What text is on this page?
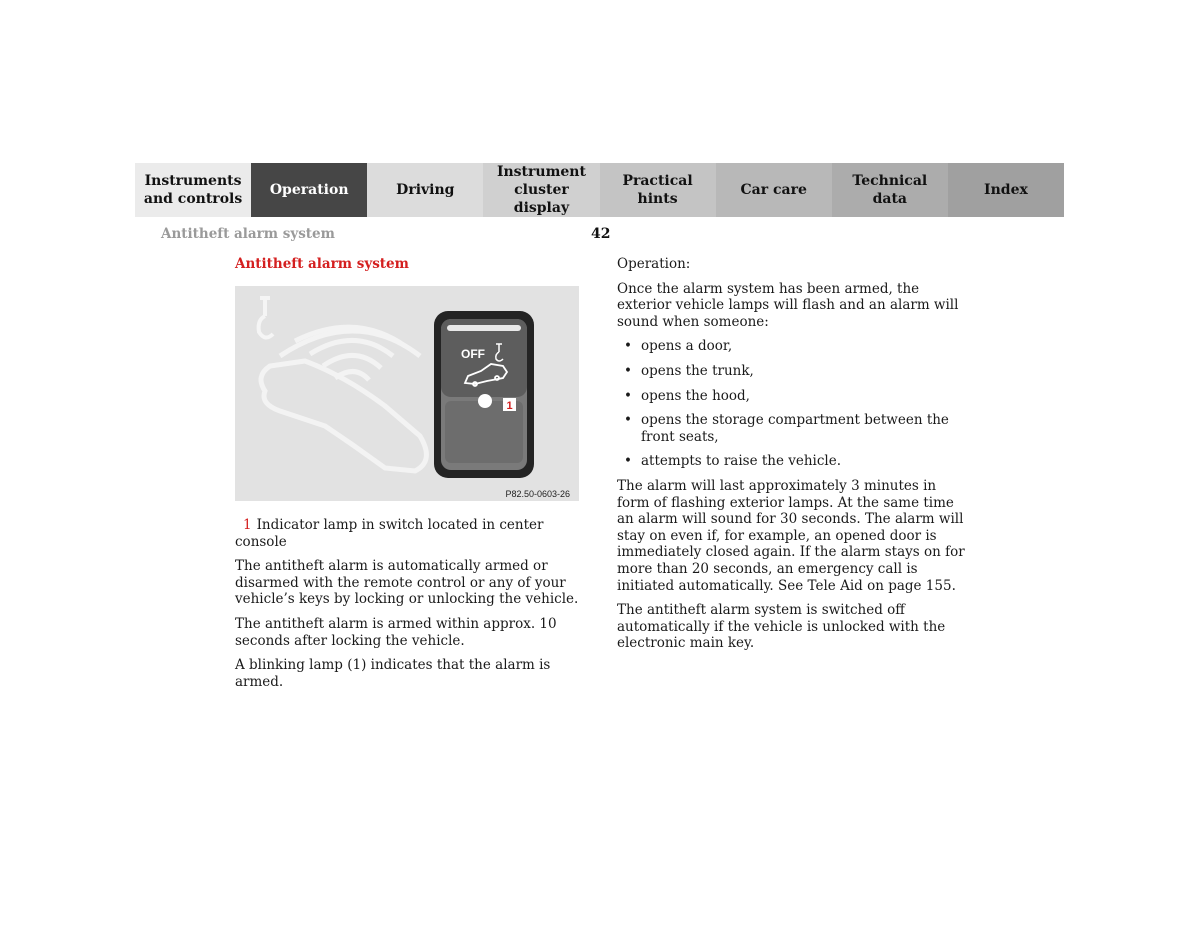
Instruments
and controls
Operation	Driving
Instrument
cluster display
Practical hints
Car care
Technical
data
Index
Antitheft alarm system	42
Antitheft alarm system
OFF
1
P82.50-0603-26

1 Indicator lamp in switch located in center console

The antitheft alarm is automatically armed or disarmed with the remote control or any of your vehicle’s keys by locking or unlocking the vehicle.

The antitheft alarm is armed within approx. 10 seconds after locking the vehicle.

A blinking lamp (1) indicates that the alarm is armed.

Operation:

Once the alarm system has been armed, the exterior vehicle lamps will flash and an alarm will sound when someone:

• opens a door,
• opens the trunk,
• opens the hood,
• opens the storage compartment between the front seats,
• attempts to raise the vehicle.

The alarm will last approximately 3 minutes in form of flashing exterior lamps. At the same time an alarm will sound for 30 seconds. The alarm will stay on even if, for example, an opened door is immediately closed again. If the alarm stays on for more than 20 seconds, an emergency call is initiated automatically. See Tele Aid on page 155.

The antitheft alarm system is switched off automatically if the vehicle is unlocked with the electronic main key.
